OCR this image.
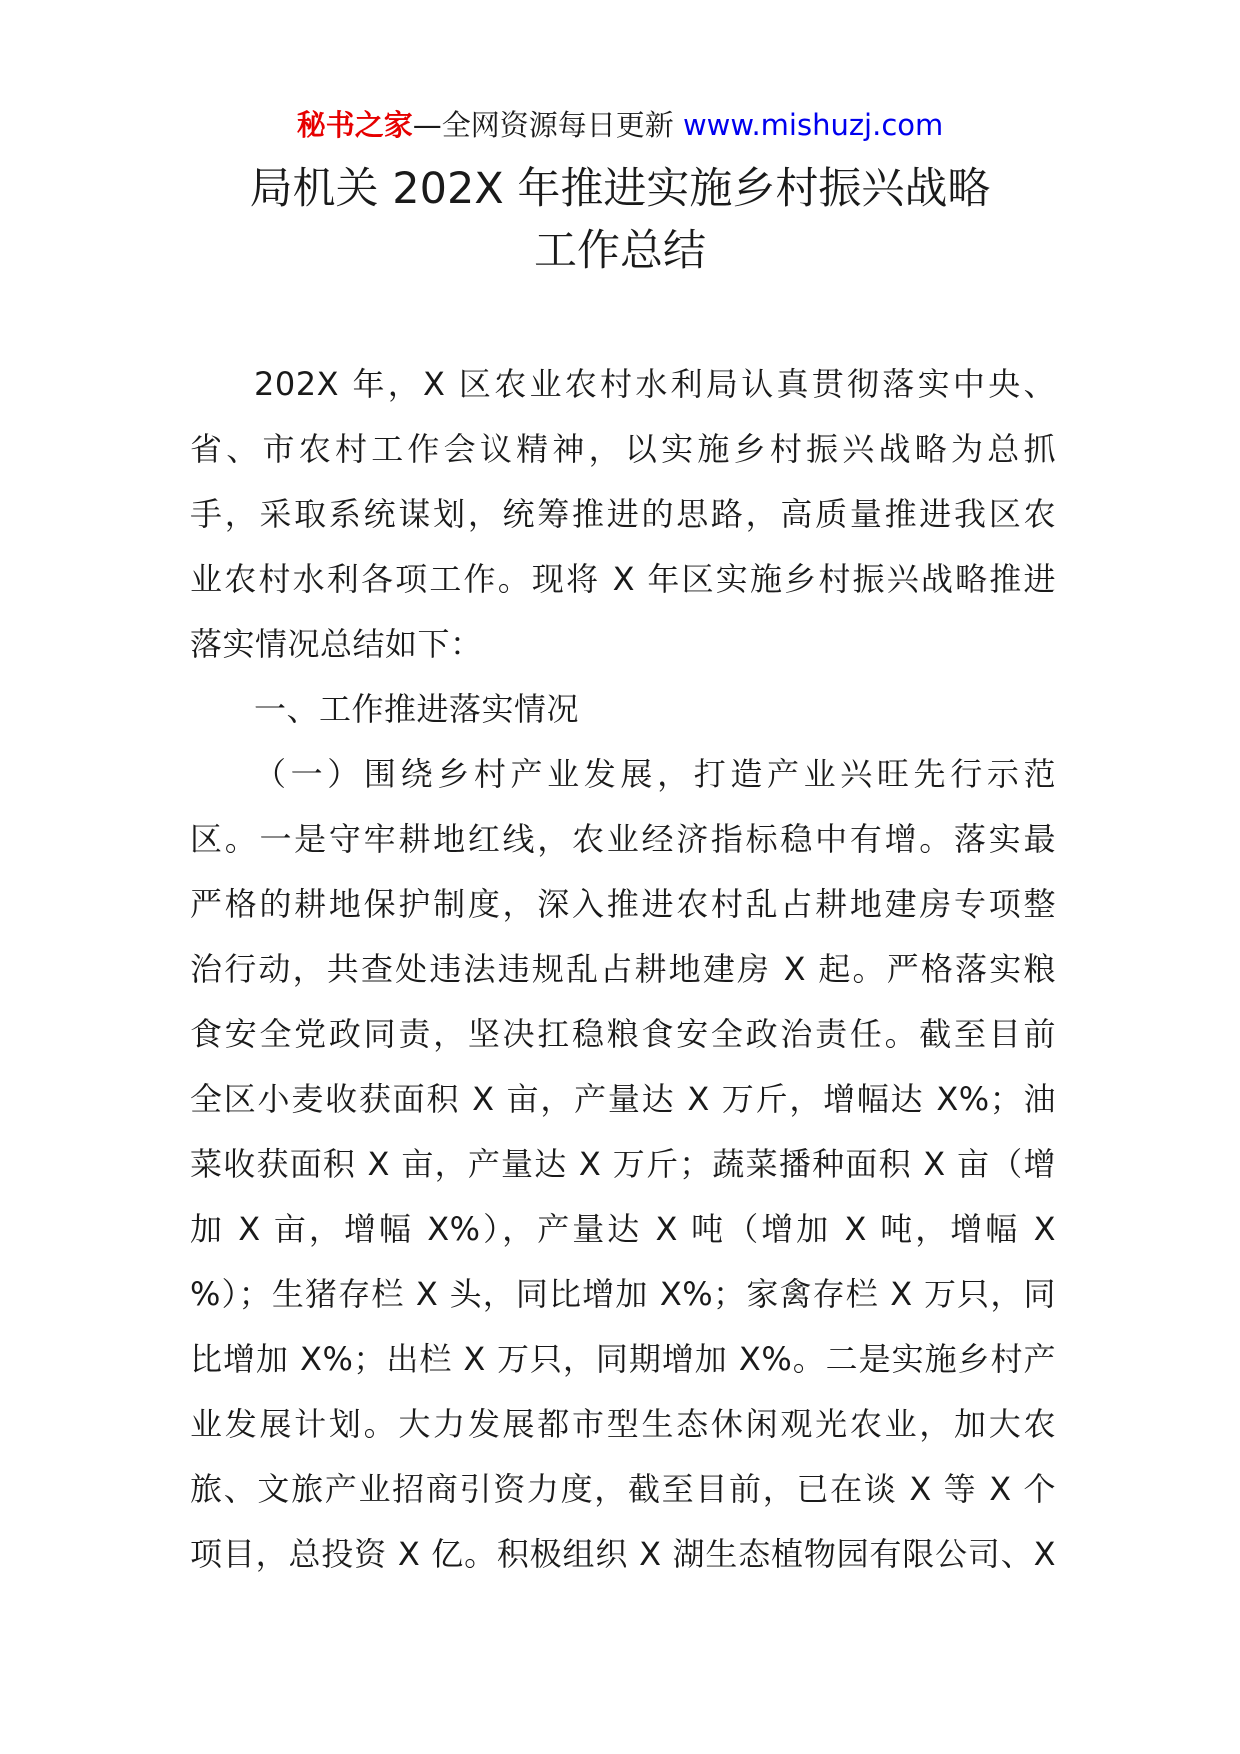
秘书之家—全网资源每日更新 www.mishuzj.com
局机关 202X 年推进实施乡村振兴战略
工作总结
202X 年，X 区农业农村水利局认真贯彻落实中央、
省、市农村工作会议精神，以实施乡村振兴战略为总抓
手，采取系统谋划，统筹推进的思路，高质量推进我区农
业农村水利各项工作。现将 X 年区实施乡村振兴战略推进
落实情况总结如下：
一、工作推进落实情况
（一）围绕乡村产业发展，打造产业兴旺先行示范
区。一是守牢耕地红线，农业经济指标稳中有增。落实最
严格的耕地保护制度，深入推进农村乱占耕地建房专项整
治行动，共查处违法违规乱占耕地建房 X 起。严格落实粮
食安全党政同责，坚决扛稳粮食安全政治责任。截至目前
全区小麦收获面积 X 亩，产量达 X 万斤，增幅达 X%；油
菜收获面积 X 亩，产量达 X 万斤；蔬菜播种面积 X 亩（增
加 X 亩，增幅 X%），产量达 X 吨（增加 X 吨，增幅 X
%）；生猪存栏 X 头，同比增加 X%；家禽存栏 X 万只，同
比增加 X%；出栏 X 万只，同期增加 X%。二是实施乡村产
业发展计划。大力发展都市型生态休闲观光农业，加大农
旅、文旅产业招商引资力度，截至目前，已在谈 X 等 X 个
项目，总投资 X 亿。积极组织 X 湖生态植物园有限公司、X
